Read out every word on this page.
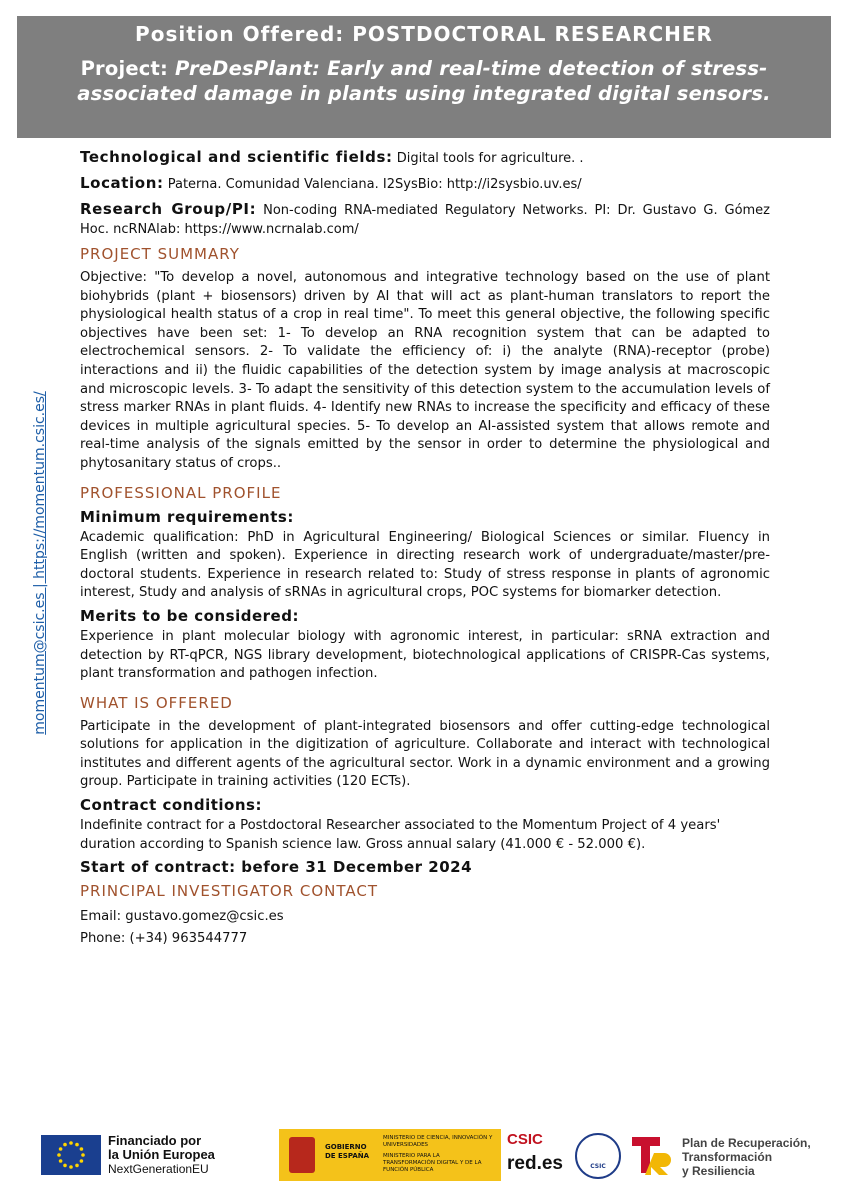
Position Offered: POSTDOCTORAL RESEARCHER
Project: PreDesPlant: Early and real-time detection of stress-associated damage in plants using integrated digital sensors.
momentum@csic.es | https://momentum.csic.es/
Technological and scientific fields: Digital tools for agriculture. .
Location: Paterna. Comunidad Valenciana. I2SysBio: http://i2sysbio.uv.es/
Research Group/PI: Non-coding RNA-mediated Regulatory Networks. PI: Dr. Gustavo G. Gómez Hoc. ncRNAlab: https://www.ncrnalab.com/
PROJECT SUMMARY

Objective: "To develop a novel, autonomous and integrative technology based on the use of plant biohybrids (plant + biosensors) driven by AI that will act as plant-human translators to report the physiological health status of a crop in real time". To meet this general objective, the following specific objectives have been set: 1- To develop an RNA recognition system that can be adapted to electrochemical sensors. 2- To validate the efficiency of: i) the analyte (RNA)-receptor (probe) interactions and ii) the fluidic capabilities of the detection system by image analysis at macroscopic and microscopic levels. 3- To adapt the sensitivity of this detection system to the accumulation levels of stress marker RNAs in plant fluids. 4- Identify new RNAs to increase the specificity and efficacy of these devices in multiple agricultural species. 5- To develop an AI-assisted system that allows remote and real-time analysis of the signals emitted by the sensor in order to determine the physiological and phytosanitary status of crops..

PROFESSIONAL PROFILE
Minimum requirements:

Academic qualification: PhD in Agricultural Engineering/ Biological Sciences or similar. Fluency in English (written and spoken). Experience in directing research work of undergraduate/master/pre-doctoral students. Experience in research related to: Study of stress response in plants of agronomic interest, Study and analysis of sRNAs in agricultural crops, POC systems for biomarker detection.

Merits to be considered:

Experience in plant molecular biology with agronomic interest, in particular: sRNA extraction and detection by RT-qPCR, NGS library development, biotechnological applications of CRISPR-Cas systems, plant transformation and pathogen infection.

WHAT IS OFFERED

Participate in the development of plant-integrated biosensors and offer cutting-edge technological solutions for application in the digitization of agriculture. Collaborate and interact with technological institutes and different agents of the agricultural sector. Work in a dynamic environment and a growing group. Participate in training activities (120 ECTs).

Contract conditions:

Indefinite contract for a Postdoctoral Researcher associated to the Momentum Project of 4 years' duration according to Spanish science law. Gross annual salary (41.000 € - 52.000 €).

Start of contract: before 31 December 2024
PRINCIPAL INVESTIGATOR CONTACT
Email: gustavo.gomez@csic.es
Phone: (+34) 963544777
Financiado por
la Unión Europea
NextGenerationEU
GOBIERNO DE ESPAÑA
MINISTERIO DE CIENCIA, INNOVACIÓN Y UNIVERSIDADES
MINISTERIO PARA LA TRANSFORMACIÓN DIGITAL Y DE LA FUNCIÓN PÚBLICA
CSIC
red.es	CSIC
Plan de Recuperación,
Transformación
y Resiliencia
